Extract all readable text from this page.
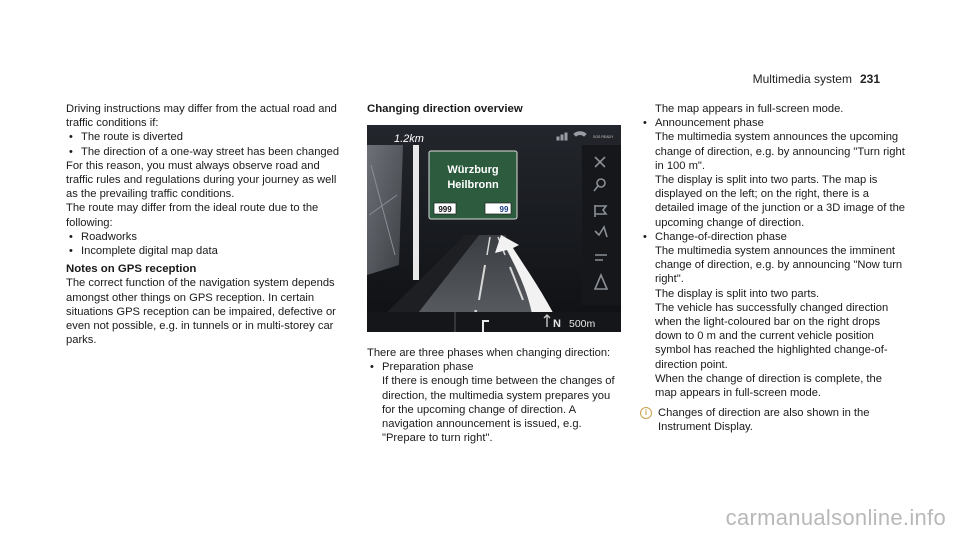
Multimedia system 231

Driving instructions may differ from the actual road and traffic conditions if:

• The route is diverted

• The direction of a one-way street has been changed

For this reason, you must always observe road and traffic rules and regulations during your journey as well as the prevailing traffic conditions.

The route may differ from the ideal route due to the following:

• Roadworks

• Incomplete digital map data

Notes on GPS reception

The correct function of the navigation system depends amongst other things on GPS reception. In certain situations GPS reception can be impaired, defective or even not possible, e.g. in tunnels or in multi-storey car parks.

Changing direction overview
1.2km	SOS READY
Würzburg
Heilbronn
999	99
N 500m

There are three phases when changing direction:

• Preparation phase

If there is enough time between the changes of direction, the multimedia system prepares you for the upcoming change of direction. A navigation announcement is issued, e.g. "Prepare to turn right".

The map appears in full-screen mode.

• Announcement phase

The multimedia system announces the upcoming change of direction, e.g. by announcing "Turn right in 100 m".

The display is split into two parts. The map is displayed on the left; on the right, there is a detailed image of the junction or a 3D image of the upcoming change of direction.

• Change-of-direction phase

The multimedia system announces the imminent change of direction, e.g. by announcing "Now turn right".

The display is split into two parts.

The vehicle has successfully changed direction when the light-coloured bar on the right drops down to 0 m and the current vehicle position symbol has reached the highlighted change-of-direction point.

When the change of direction is complete, the map appears in full-screen mode.

i Changes of direction are also shown in the Instrument Display.
carmanualsonline.info
